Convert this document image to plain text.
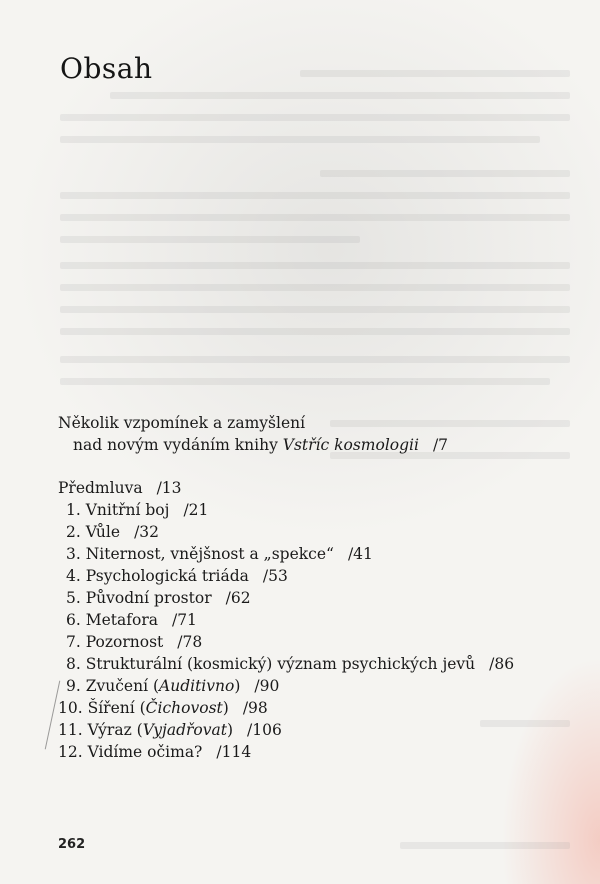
Obsah
Několik vzpomínek a zamyšlení
nad novým vydáním knihy Vstříc kosmologii /7
Předmluva /13
1. Vnitřní boj /21
2. Vůle /32
3. Niternost, vnějšnost a „spekce“ /41
4. Psychologická triáda /53
5. Původní prostor /62
6. Metafora /71
7. Pozornost /78
8. Strukturální (kosmický) význam psychických jevů /86
9. Zvučení (Auditivno) /90
10. Šíření (Čichovost) /98
11. Výraz (Vyjadřovat) /106
12. Vidíme očima? /114
262
